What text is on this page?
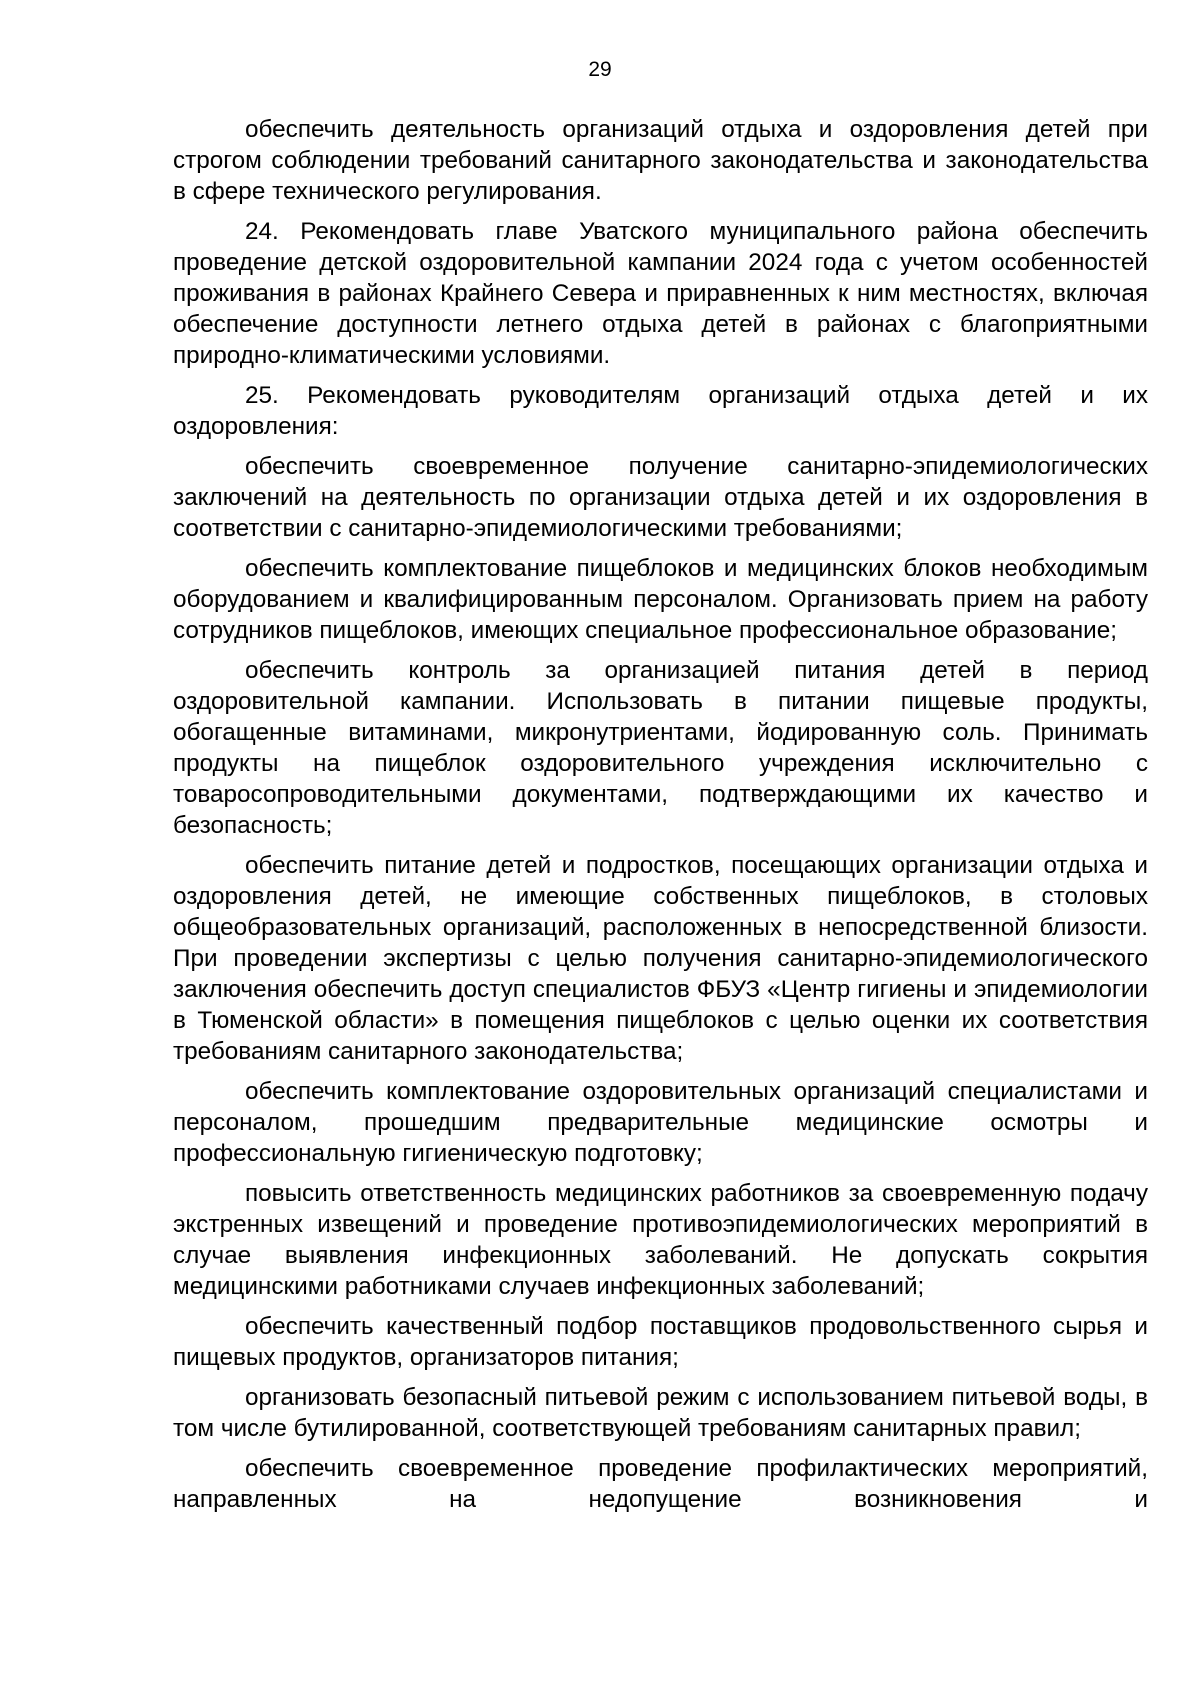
29

обеспечить деятельность организаций отдыха и оздоровления детей при строгом соблюдении требований санитарного законодательства и законодательства в сфере технического регулирования.

24. Рекомендовать главе Уватского муниципального района обеспечить проведение детской оздоровительной кампании 2024 года с учетом особенностей проживания в районах Крайнего Севера и приравненных к ним местностях, включая обеспечение доступности летнего отдыха детей в районах с благоприятными природно-климатическими условиями.

25. Рекомендовать руководителям организаций отдыха детей и их оздоровления:

обеспечить своевременное получение санитарно-эпидемиологических заключений на деятельность по организации отдыха детей и их оздоровления в соответствии с санитарно-эпидемиологическими требованиями;

обеспечить комплектование пищеблоков и медицинских блоков необходимым оборудованием и квалифицированным персоналом. Организовать прием на работу сотрудников пищеблоков, имеющих специальное профессиональное образование;

обеспечить контроль за организацией питания детей в период оздоровительной кампании. Использовать в питании пищевые продукты, обогащенные витаминами, микронутриентами, йодированную соль. Принимать продукты на пищеблок оздоровительного учреждения исключительно с товаросопроводительными документами, подтверждающими их качество и безопасность;

обеспечить питание детей и подростков, посещающих организации отдыха и оздоровления детей, не имеющие собственных пищеблоков, в столовых общеобразовательных организаций, расположенных в непосредственной близости. При проведении экспертизы с целью получения санитарно-эпидемиологического заключения обеспечить доступ специалистов ФБУЗ «Центр гигиены и эпидемиологии в Тюменской области» в помещения пищеблоков с целью оценки их соответствия требованиям санитарного законодательства;

обеспечить комплектование оздоровительных организаций специалистами и персоналом, прошедшим предварительные медицинские осмотры и профессиональную гигиеническую подготовку;

повысить ответственность медицинских работников за своевременную подачу экстренных извещений и проведение противоэпидемиологических мероприятий в случае выявления инфекционных заболеваний. Не допускать сокрытия медицинскими работниками случаев инфекционных заболеваний;

обеспечить качественный подбор поставщиков продовольственного сырья и пищевых продуктов, организаторов питания;

организовать безопасный питьевой режим с использованием питьевой воды, в том числе бутилированной, соответствующей требованиям санитарных правил;

обеспечить своевременное проведение профилактических мероприятий, направленных на недопущение возникновения и
